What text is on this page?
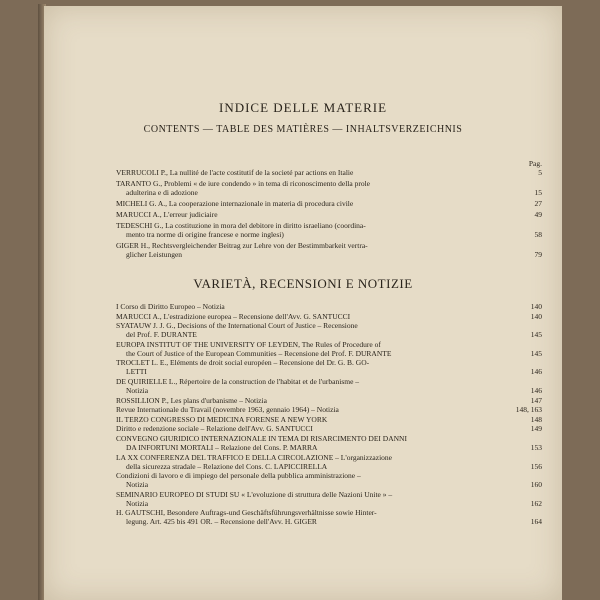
INDICE DELLE MATERIE
CONTENTS — TABLE DES MATIÈRES — INHALTSVERZEICHNIS
Pag.
VERRUCOLI P., La nullité de l'acte costitutif de la societé par actions en Italie	5
TARANTO G., Problemi « de iure condendo » in tema di riconoscimento della prole
adulterina e di adozione	15
MICHELI G. A., La cooperazione internazionale in materia di procedura civile	27
MARUCCI A., L'erreur judiciaire	49
TEDESCHI G., La costituzione in mora del debitore in diritto israeliano (coordina-
mento tra norme di origine francese e norme inglesi)	58
GIGER H., Rechtsvergleichender Beitrag zur Lehre von der Bestimmbarkeit vertra-
glicher Leistungen	79
VARIETÀ, RECENSIONI E NOTIZIE
I Corso di Diritto Europeo – Notizia	140
MARUCCI A., L'estradizione europea – Recensione dell'Avv. G. SANTUCCI	140
SYATAUW J. J. G., Decisions of the International Court of Justice – Recensione
del Prof. F. DURANTE	145
EUROPA INSTITUT OF THE UNIVERSITY OF LEYDEN, The Rules of Procedure of
the Court of Justice of the European Communities – Recensione del Prof. F. DURANTE	145
TROCLET L. E., Eléments de droit social européen – Recensione del Dr. G. B. GO-
LETTI	146
DE QUIRIELLE L., Répertoire de la construction de l'habitat et de l'urbanisme –
Notizia	146
ROSSILLION P., Les plans d'urbanisme – Notizia	147
Revue Internationale du Travail (novembre 1963, gennaio 1964) – Notizia	148, 163
IL TERZO CONGRESSO DI MEDICINA FORENSE A NEW YORK	148
Diritto e redenzione sociale – Relazione dell'Avv. G. SANTUCCI	149
CONVEGNO GIURIDICO INTERNAZIONALE IN TEMA DI RISARCIMENTO DEI DANNI
DA INFORTUNI MORTALI – Relazione del Cons. P. MARRA	153
LA XX CONFERENZA DEL TRAFFICO E DELLA CIRCOLAZIONE – L'organizzazione
della sicurezza stradale – Relazione del Cons. C. LAPICCIRELLA	156
Condizioni di lavoro e di impiego del personale della pubblica amministrazione –
Notizia	160
SEMINARIO EUROPEO DI STUDI SU « L'evoluzione di struttura delle Nazioni Unite » –
Notizia	162
H. GAUTSCHI, Besondere Auftrags-und Geschäftsführungsverhältnisse sowie Hinter-
legung. Art. 425 bis 491 OR. – Recensione dell'Avv. H. GIGER	164
